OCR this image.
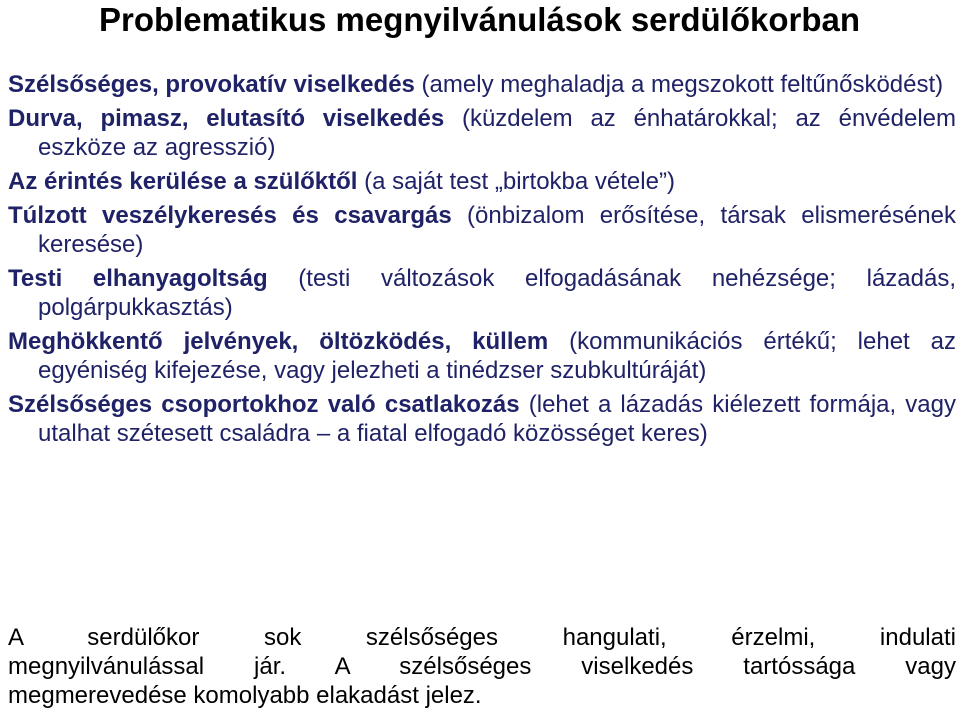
Problematikus megnyilvánulások serdülőkorban
Szélsőséges, provokatív viselkedés (amely meghaladja a megszokott feltűnősködést)
Durva, pimasz, elutasító viselkedés (küzdelem az énhatárokkal; az énvédelem eszköze az agresszió)
Az érintés kerülése a szülőktől (a saját test „birtokba vétele”)
Túlzott veszélykeresés és csavargás (önbizalom erősítése, társak elismerésének keresése)
Testi elhanyagoltság (testi változások elfogadásának nehézsége; lázadás, polgárpukkasztás)
Meghökkentő jelvények, öltözködés, küllem (kommunikációs értékű; lehet az egyéniség kifejezése, vagy jelezheti a tinédzser szubkultúráját)
Szélsőséges csoportokhoz való csatlakozás (lehet a lázadás kiélezett formája, vagy utalhat szétesett családra – a fiatal elfogadó közösséget keres)
A serdülőkor sok szélsőséges hangulati, érzelmi, indulati
megnyilvánulással jár. A szélsőséges viselkedés tartóssága vagy
megmerevedése komolyabb elakadást jelez.
